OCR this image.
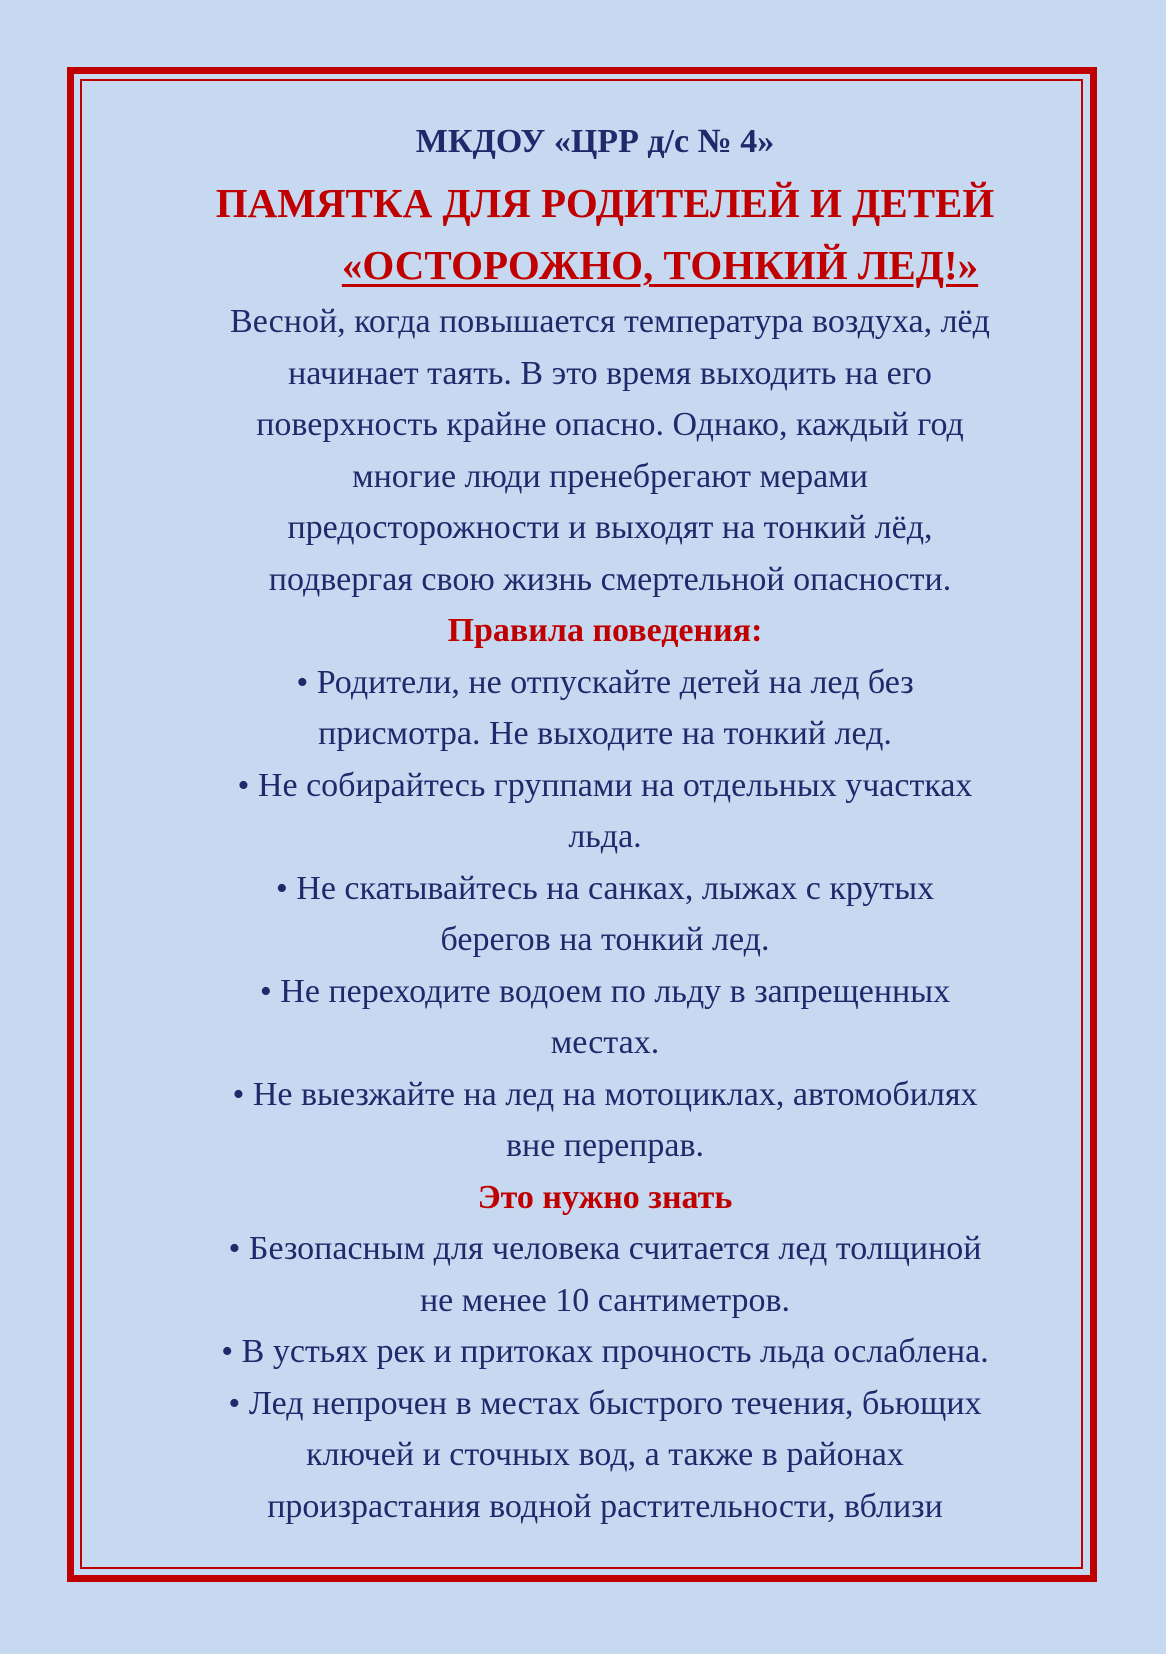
МКДОУ «ЦРР д/с № 4»

ПАМЯТКА ДЛЯ РОДИТЕЛЕЙ И ДЕТЕЙ
«ОСТОРОЖНО, ТОНКИЙ ЛЕД!»

Весной, когда повышается температура воздуха, лёд

начинает таять. В это время выходить на его

поверхность крайне опасно. Однако, каждый год

многие люди пренебрегают мерами

предосторожности и выходят на тонкий лёд,

подвергая свою жизнь смертельной опасности.

Правила поведения:

• Родители, не отпускайте детей на лед без

присмотра. Не выходите на тонкий лед.

• Не собирайтесь группами на отдельных участках

льда.

• Не скатывайтесь на санках, лыжах с крутых

берегов на тонкий лед.

• Не переходите водоем по льду в запрещенных

местах.

• Не выезжайте на лед на мотоциклах, автомобилях

вне переправ.

Это нужно знать

• Безопасным для человека считается лед толщиной

не менее 10 сантиметров.

• В устьях рек и притоках прочность льда ослаблена.

• Лед непрочен в местах быстрого течения, бьющих

ключей и сточных вод, а также в районах

произрастания водной растительности, вблизи
